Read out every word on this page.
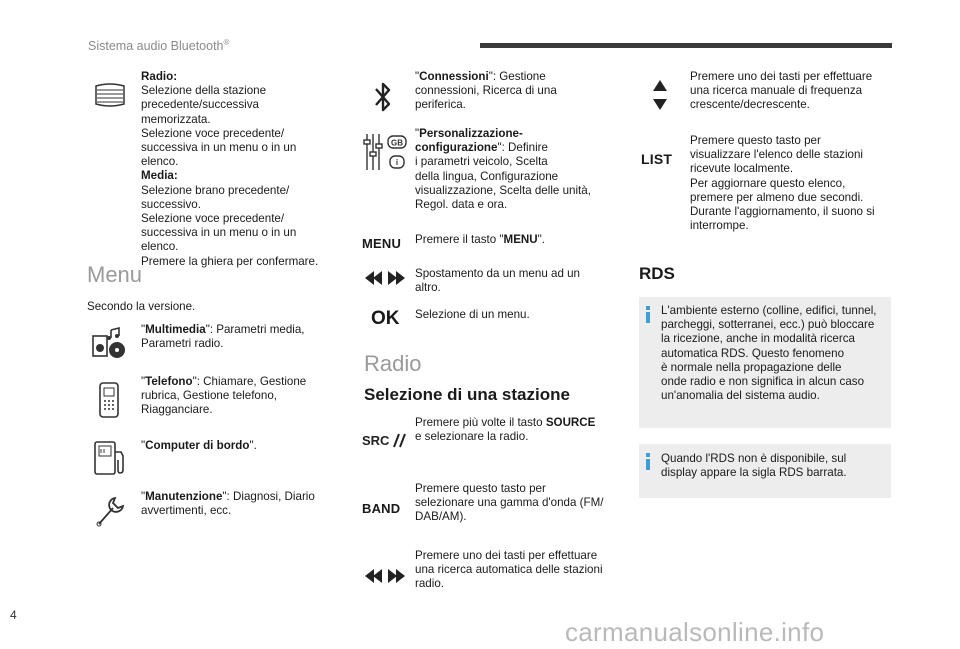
Sistema audio Bluetooth®
Radio:
Selezione della stazione
precedente/successiva
memorizzata.
Selezione voce precedente/
successiva in un menu o in un
elenco.
Media:
Selezione brano precedente/
successivo.
Selezione voce precedente/
successiva in un menu o in un
elenco.
Premere la ghiera per confermare.
Menu
Secondo la versione.
"Multimedia": Parametri media,
Parametri radio.
"Telefono": Chiamare, Gestione
rubrica, Gestione telefono,
Riagganciare.
"Computer di bordo".
"Manutenzione": Diagnosi, Diario
avvertimenti, ecc.
"Connessioni": Gestione
connessioni, Ricerca di una
periferica.
GB
i
"Personalizzazione-
configurazione": Definire
i parametri veicolo, Scelta
della lingua, Configurazione
visualizzazione, Scelta delle unità,
Regol. data e ora.
MENU Premere il tasto "MENU".
Spostamento da un menu ad un
altro.
OK Selezione di un menu.
Radio
Selezione di una stazione
SRC
Premere più volte il tasto SOURCE
e selezionare la radio.
BAND
Premere questo tasto per
selezionare una gamma d'onda (FM/
DAB/AM).
Premere uno dei tasti per effettuare
una ricerca automatica delle stazioni
radio.
Premere uno dei tasti per effettuare
una ricerca manuale di frequenza
crescente/decrescente.
LIST
Premere questo tasto per
visualizzare l'elenco delle stazioni
ricevute localmente.
Per aggiornare questo elenco,
premere per almeno due secondi.
Durante l'aggiornamento, il suono si
interrompe.
RDS
L'ambiente esterno (colline, edifici, tunnel,
parcheggi, sotterranei, ecc.) può bloccare
la ricezione, anche in modalità ricerca
automatica RDS. Questo fenomeno
è normale nella propagazione delle
onde radio e non significa in alcun caso
un'anomalia del sistema audio.
Quando l'RDS non è disponibile, sul
display appare la sigla RDS barrata.
4
carmanualsonline.info
